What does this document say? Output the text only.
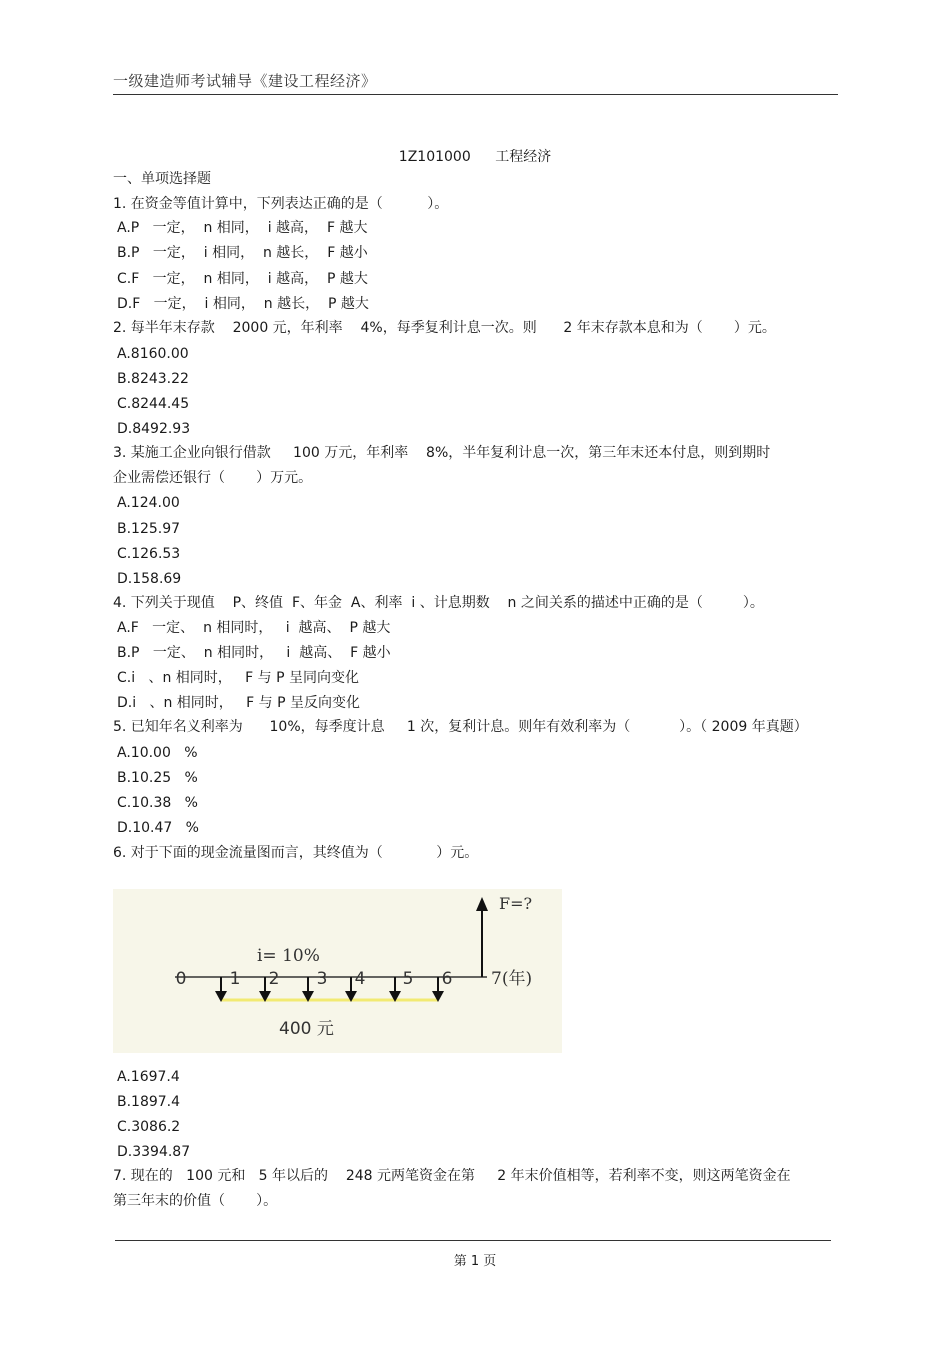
一级建造师考试辅导《建设工程经济》
1Z101000 工程经济
一、单项选择题
1. 在资金等值计算中，下列表达正确的是（          ）。
A.P   一定，  n 相同，  i 越高，  F 越大
B.P   一定，  i 相同，  n 越长，  F 越小
C.F   一定，  n 相同，  i 越高，  P 越大
D.F   一定，  i 相同，  n 越长，  P 越大
2. 每半年末存款    2000 元，年利率    4%，每季复利计息一次。则      2 年末存款本息和为（       ）元。
A.8160.00
B.8243.22
C.8244.45
D.8492.93
3. 某施工企业向银行借款     100 万元，年利率    8%，半年复利计息一次，第三年末还本付息，则到期时
企业需偿还银行（       ）万元。
A.124.00
B.125.97
C.126.53
D.158.69
4. 下列关于现值    P、终值  F、年金  A、利率  i 、计息期数    n 之间关系的描述中正确的是（         ）。
A.F   一定、  n 相同时，   i  越高、  P 越大
B.P   一定、  n 相同时，   i  越高、  F 越小
C.i   、n 相同时，   F 与 P 呈同向变化
D.i   、n 相同时，   F 与 P 呈反向变化
5. 已知年名义利率为      10%，每季度计息     1 次，复利计息。则年有效利率为（           ）。（ 2009 年真题）
A.10.00   %
B.10.25   %
C.10.38   %
D.10.47   %
6. 对于下面的现金流量图而言，其终值为（            ）元。
0	1 2 3 4 5 6 7(年)
i= 10%
F=?
400 元
A.1697.4
B.1897.4
C.3086.2
D.3394.87
7. 现在的   100 元和   5 年以后的    248 元两笔资金在第     2 年末价值相等，若利率不变，则这两笔资金在
第三年末的价值（       ）。
第 1 页
